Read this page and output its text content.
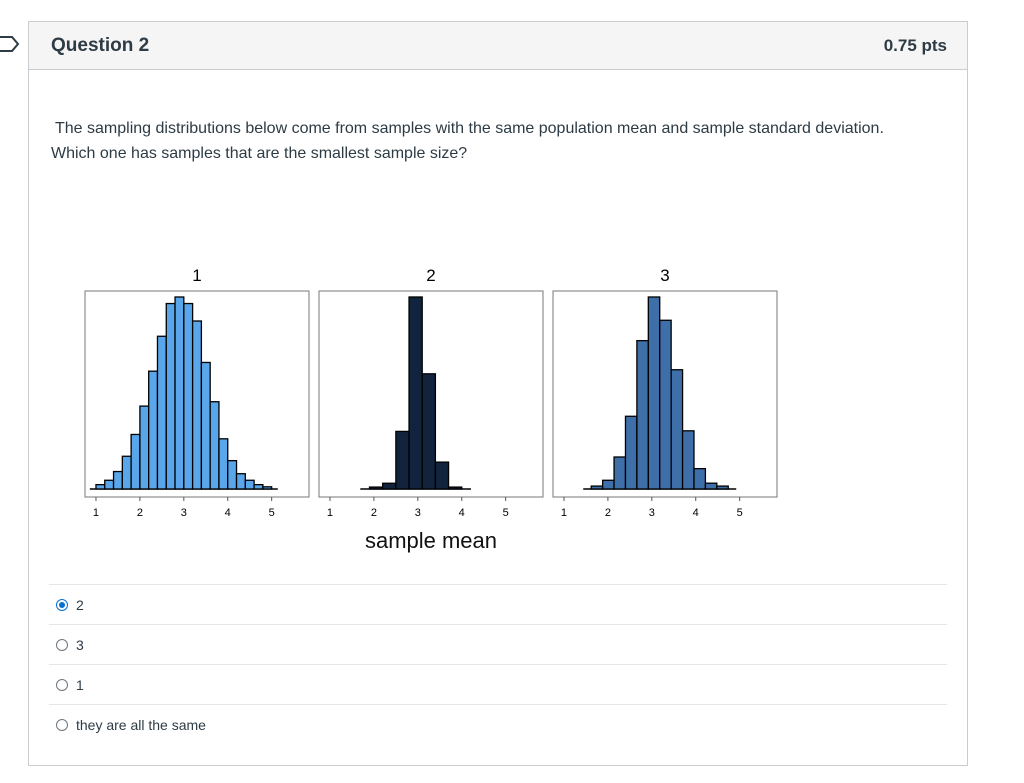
Question 2	0.75 pts
The sampling distributions below come from samples with the same population mean and sample standard deviation.
Which one has samples that are the smallest sample size?
1
1	2	3	4	5
2
1	2	3	4	5
sample mean
3
1	2	3	4	5
2
3
1
they are all the same
